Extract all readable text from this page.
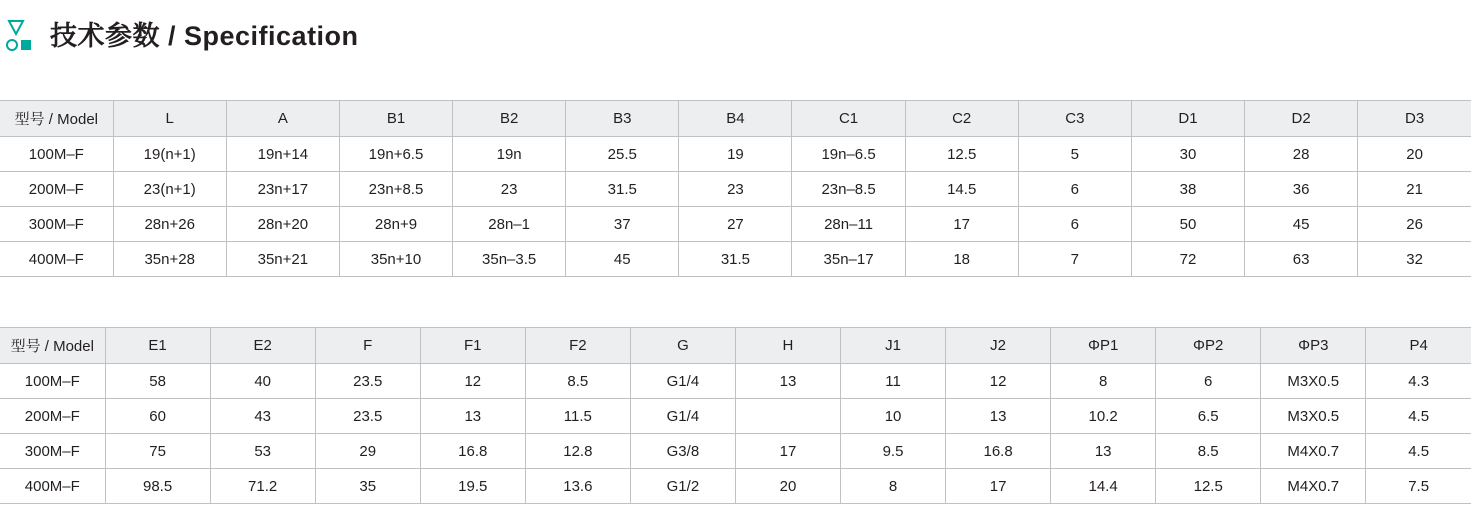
技术参数 / Specification
型号 / Model	L	A	B1	B2	B3	B4	C1	C2	C3	D1	D2	D3
100M–F	19(n+1)	19n+14	19n+6.5	19n	25.5	19	19n–6.5	12.5	5	30	28	20
200M–F	23(n+1)	23n+17	23n+8.5	23	31.5	23	23n–8.5	14.5	6	38	36	21
300M–F	28n+26	28n+20	28n+9	28n–1	37	27	28n–11	17	6	50	45	26
400M–F	35n+28	35n+21	35n+10	35n–3.5	45	31.5	35n–17	18	7	72	63	32
型号 / Model	E1	E2	F	F1	F2	G	H	J1	J2	ΦP1	ΦP2	ΦP3	P4
100M–F	58	40	23.5	12	8.5	G1/4	13	11	12	8	6	M3X0.5	4.3
200M–F	60	43	23.5	13	11.5	G1/4		10	13	10.2	6.5	M3X0.5	4.5
300M–F	75	53	29	16.8	12.8	G3/8	17	9.5	16.8	13	8.5	M4X0.7	4.5
400M–F	98.5	71.2	35	19.5	13.6	G1/2	20	8	17	14.4	12.5	M4X0.7	7.5
